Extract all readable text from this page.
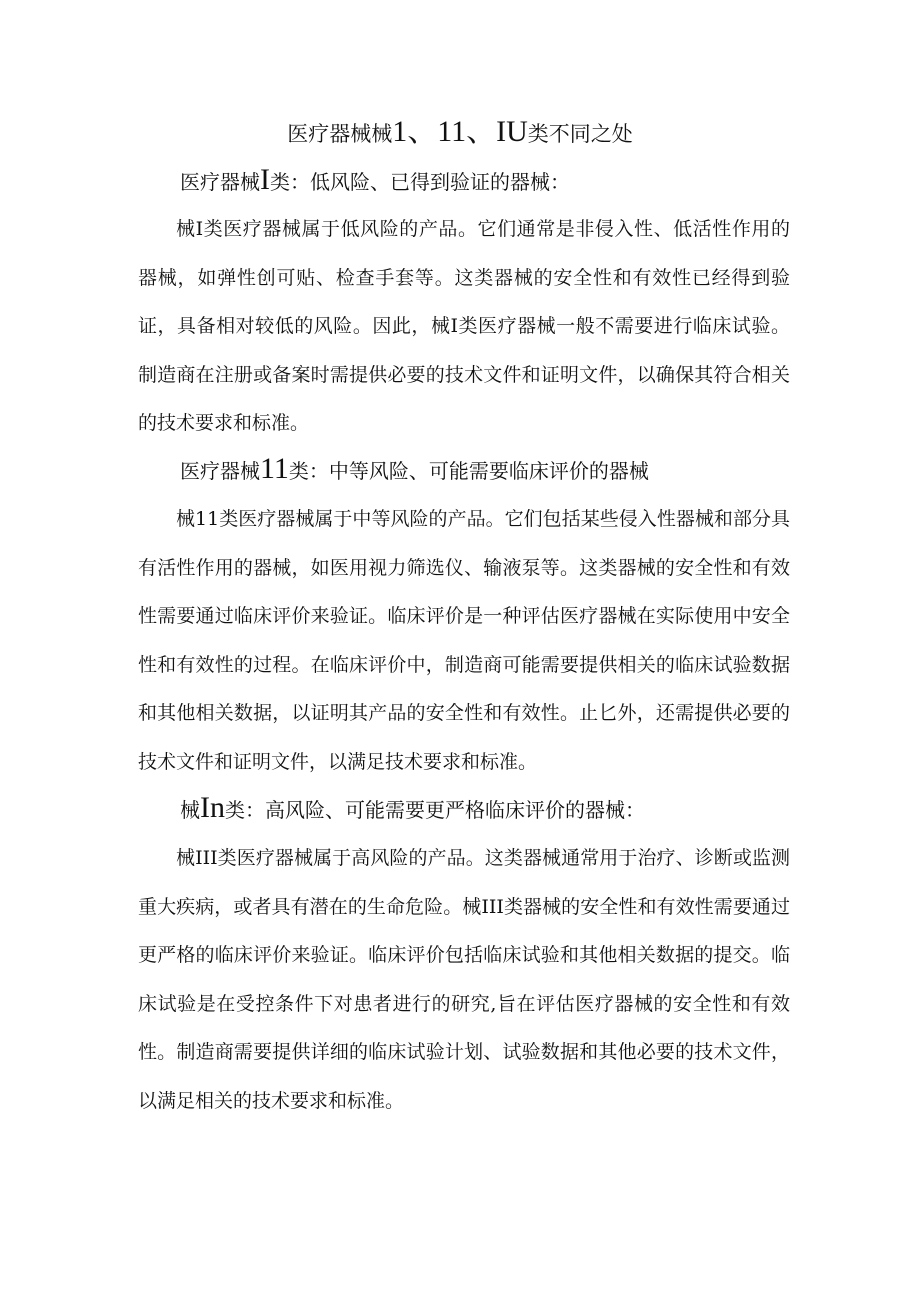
医疗器械械1、11、IU类不同之处
医疗器械I类：低风险、已得到验证的器械：

械I类医疗器械属于低风险的产品。它们通常是非侵入性、低活性作用的器械，如弹性创可贴、检查手套等。这类器械的安全性和有效性已经得到验证，具备相对较低的风险。因此，械I类医疗器械一般不需要进行临床试验。制造商在注册或备案时需提供必要的技术文件和证明文件，以确保其符合相关的技术要求和标准。

医疗器械11类：中等风险、可能需要临床评价的器械

械11类医疗器械属于中等风险的产品。它们包括某些侵入性器械和部分具有活性作用的器械，如医用视力筛选仪、输液泵等。这类器械的安全性和有效性需要通过临床评价来验证。临床评价是一种评估医疗器械在实际使用中安全性和有效性的过程。在临床评价中，制造商可能需要提供相关的临床试验数据和其他相关数据，以证明其产品的安全性和有效性。止匕外，还需提供必要的技术文件和证明文件，以满足技术要求和标准。

械In类：高风险、可能需要更严格临床评价的器械：

械III类医疗器械属于高风险的产品。这类器械通常用于治疗、诊断或监测重大疾病，或者具有潜在的生命危险。械III类器械的安全性和有效性需要通过更严格的临床评价来验证。临床评价包括临床试验和其他相关数据的提交。临床试验是在受控条件下对患者进行的研究,旨在评估医疗器械的安全性和有效性。制造商需要提供详细的临床试验计划、试验数据和其他必要的技术文件，以满足相关的技术要求和标准。
